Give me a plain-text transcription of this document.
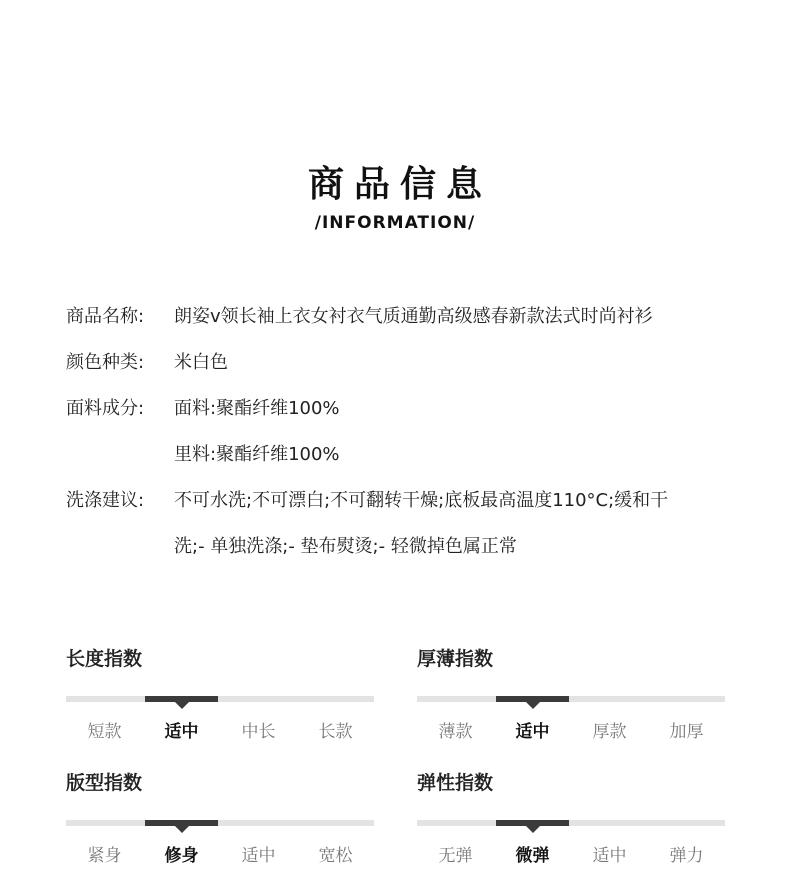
商品信息
/INFORMATION/
商品名称:	朗姿v领长袖上衣女衬衣气质通勤高级感春新款法式时尚衬衫
颜色种类:	米白色
面料成分:	面料:聚酯纤维100%
里料:聚酯纤维100%
洗涤建议:	不可水洗;不可漂白;不可翻转干燥;底板最高温度110°C;缓和干
洗;- 单独洗涤;- 垫布熨烫;- 轻微掉色属正常
长度指数
短款	适中	中长	长款
厚薄指数
薄款	适中	厚款	加厚
版型指数
紧身	修身	适中	宽松
弹性指数
无弹	微弹	适中	弹力
